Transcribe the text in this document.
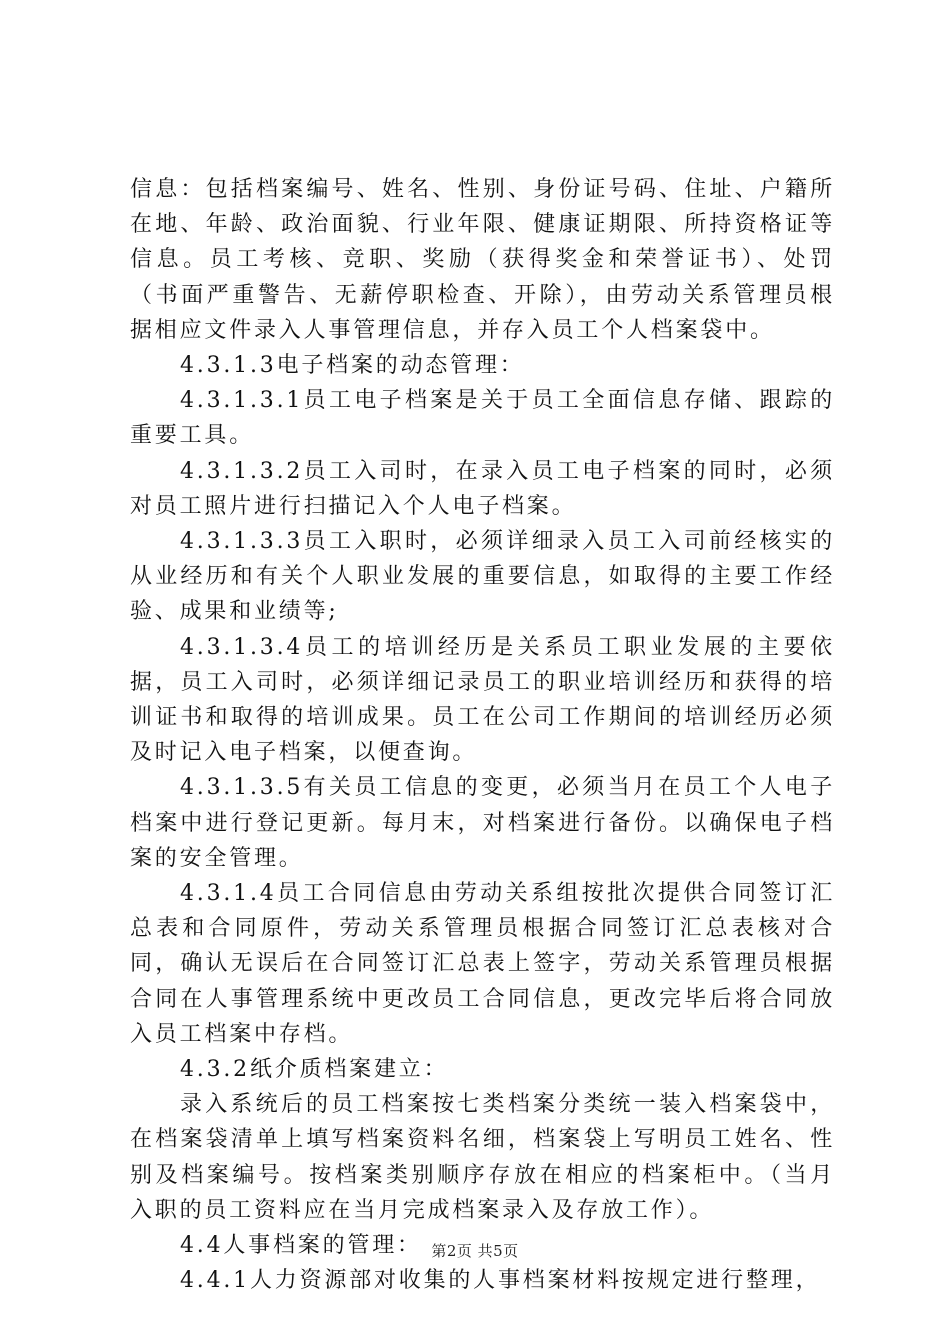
信息：包括档案编号、姓名、性别、身份证号码、住址、户籍所在地、年龄、政治面貌、行业年限、健康证期限、所持资格证等信息。员工考核、竞职、奖励（获得奖金和荣誉证书）、处罚（书面严重警告、无薪停职检查、开除），由劳动关系管理员根据相应文件录入人事管理信息，并存入员工个人档案袋中。

4.3.1.3电子档案的动态管理：

4.3.1.3.1员工电子档案是关于员工全面信息存储、跟踪的重要工具。

4.3.1.3.2员工入司时，在录入员工电子档案的同时，必须对员工照片进行扫描记入个人电子档案。

4.3.1.3.3员工入职时，必须详细录入员工入司前经核实的从业经历和有关个人职业发展的重要信息，如取得的主要工作经验、成果和业绩等;

4.3.1.3.4员工的培训经历是关系员工职业发展的主要依据，员工入司时，必须详细记录员工的职业培训经历和获得的培训证书和取得的培训成果。员工在公司工作期间的培训经历必须及时记入电子档案，以便查询。

4.3.1.3.5有关员工信息的变更，必须当月在员工个人电子档案中进行登记更新。每月末，对档案进行备份。以确保电子档案的安全管理。

4.3.1.4员工合同信息由劳动关系组按批次提供合同签订汇总表和合同原件，劳动关系管理员根据合同签订汇总表核对合同，确认无误后在合同签订汇总表上签字，劳动关系管理员根据合同在人事管理系统中更改员工合同信息，更改完毕后将合同放入员工档案中存档。

4.3.2纸介质档案建立：

录入系统后的员工档案按七类档案分类统一装入档案袋中，在档案袋清单上填写档案资料名细，档案袋上写明员工姓名、性别及档案编号。按档案类别顺序存放在相应的档案柜中。（当月入职的员工资料应在当月完成档案录入及存放工作）。

4.4人事档案的管理：

4.4.1人力资源部对收集的人事档案材料按规定进行整理，

第2页 共5页
